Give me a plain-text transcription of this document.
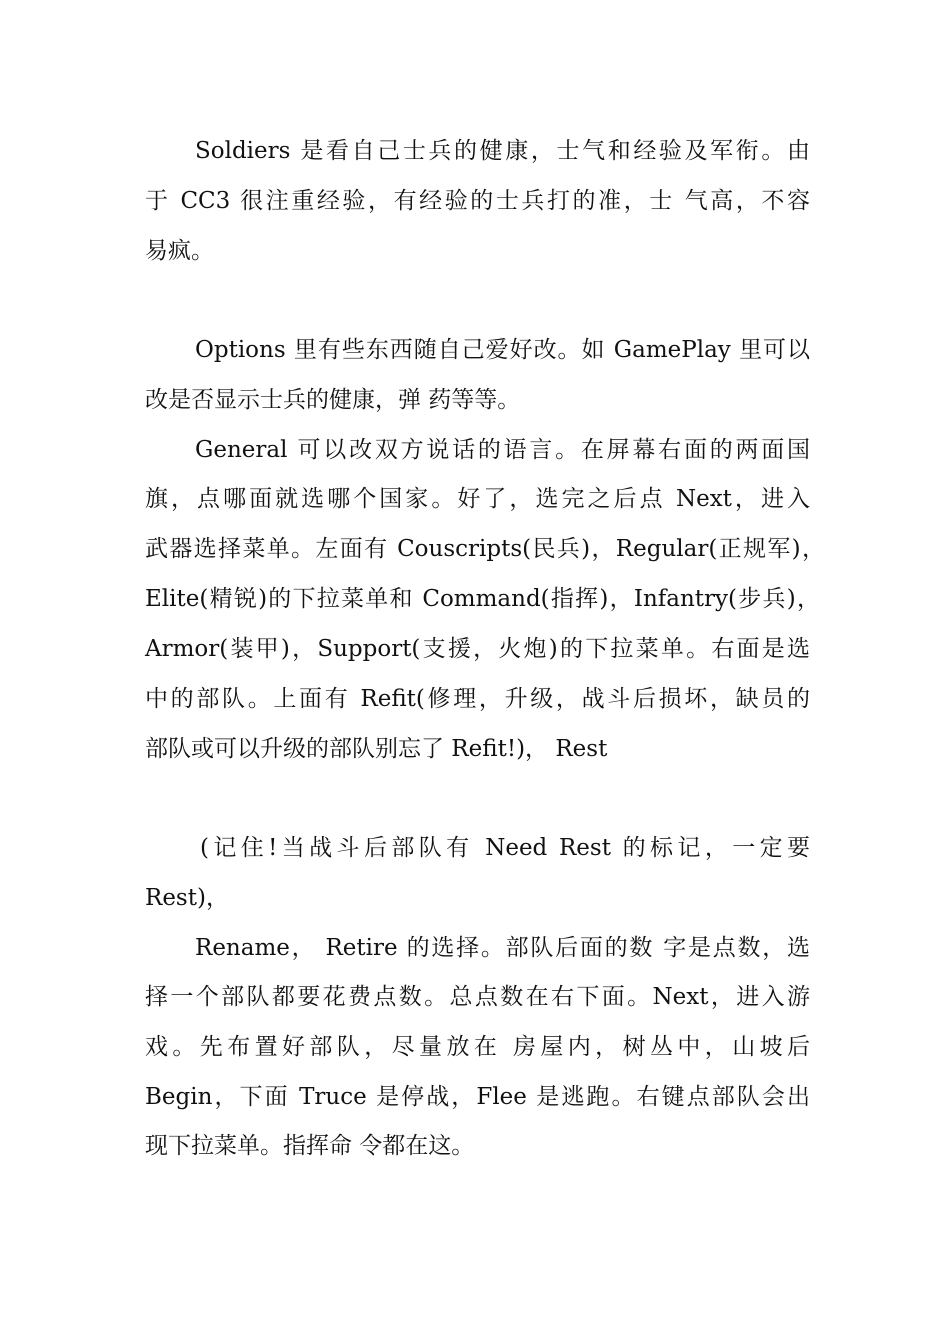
Soldiers 是看自己士兵的健康，士气和经验及军衔。由

于 CC3 很注重经验，有经验的士兵打的准，士 气高，不容

易疯。

Options 里有些东西随自己爱好改。如 GamePlay 里可以

改是否显示士兵的健康，弹 药等等。

General 可以改双方说话的语言。在屏幕右面的两面国

旗，点哪面就选哪个国家。好了，选完之后点 Next，进入

武器选择菜单。左面有 Couscripts(民兵)，Regular(正规军)，

Elite(精锐)的下拉菜单和 Command(指挥)，Infantry(步兵)，

Armor(装甲)，Support(支援，火炮)的下拉菜单。右面是选

中的部队。上面有 Refit(修理，升级，战斗后损坏，缺员的

部队或可以升级的部队别忘了 Refit!)， Rest

(记住!当战斗后部队有 Need Rest 的标记，一定要

Rest)，

Rename， Retire 的选择。部队后面的数 字是点数，选

择一个部队都要花费点数。总点数在右下面。Next，进入游

戏。先布置好部队，尽量放在 房屋内，树丛中，山坡后

Begin，下面 Truce 是停战，Flee 是逃跑。右键点部队会出

现下拉菜单。指挥命 令都在这。
